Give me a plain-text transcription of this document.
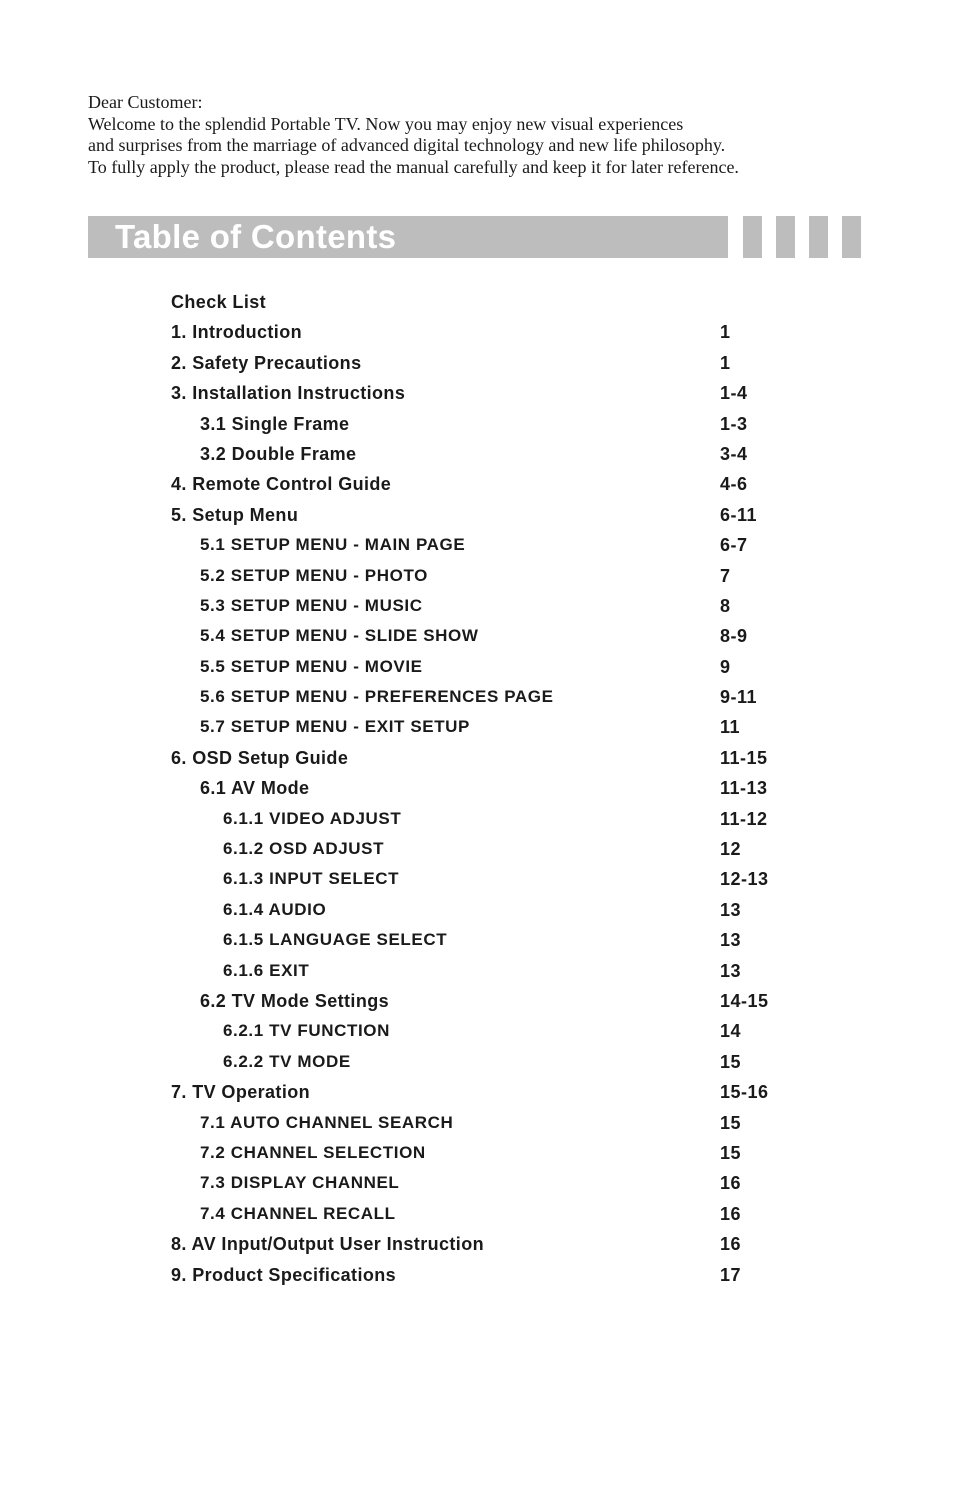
Dear Customer:
Welcome to the splendid Portable TV. Now you may enjoy new visual experiences
and surprises from the marriage of advanced digital technology and new life philosophy.
To fully apply the product, please read the manual carefully and keep it for later reference.
Table of Contents
Check List
1. Introduction	1
2. Safety Precautions	1
3. Installation Instructions	1-4
3.1 Single Frame	1-3
3.2 Double Frame	3-4
4. Remote Control Guide	4-6
5. Setup Menu	6-11
5.1 SETUP MENU - MAIN PAGE	6-7
5.2 SETUP MENU - PHOTO	7
5.3 SETUP MENU - MUSIC	8
5.4 SETUP MENU - SLIDE SHOW	8-9
5.5 SETUP MENU - MOVIE	9
5.6 SETUP MENU - PREFERENCES PAGE	9-11
5.7 SETUP MENU - EXIT SETUP	11
6. OSD Setup Guide	11-15
6.1 AV Mode	11-13
6.1.1 VIDEO ADJUST	11-12
6.1.2 OSD ADJUST	12
6.1.3 INPUT SELECT	12-13
6.1.4 AUDIO	13
6.1.5 LANGUAGE SELECT	13
6.1.6 EXIT	13
6.2 TV Mode Settings	14-15
6.2.1 TV FUNCTION	14
6.2.2 TV MODE	15
7. TV Operation	15-16
7.1 AUTO CHANNEL SEARCH	15
7.2 CHANNEL SELECTION	15
7.3 DISPLAY CHANNEL	16
7.4 CHANNEL RECALL	16
8. AV Input/Output User Instruction	16
9. Product Specifications	17
